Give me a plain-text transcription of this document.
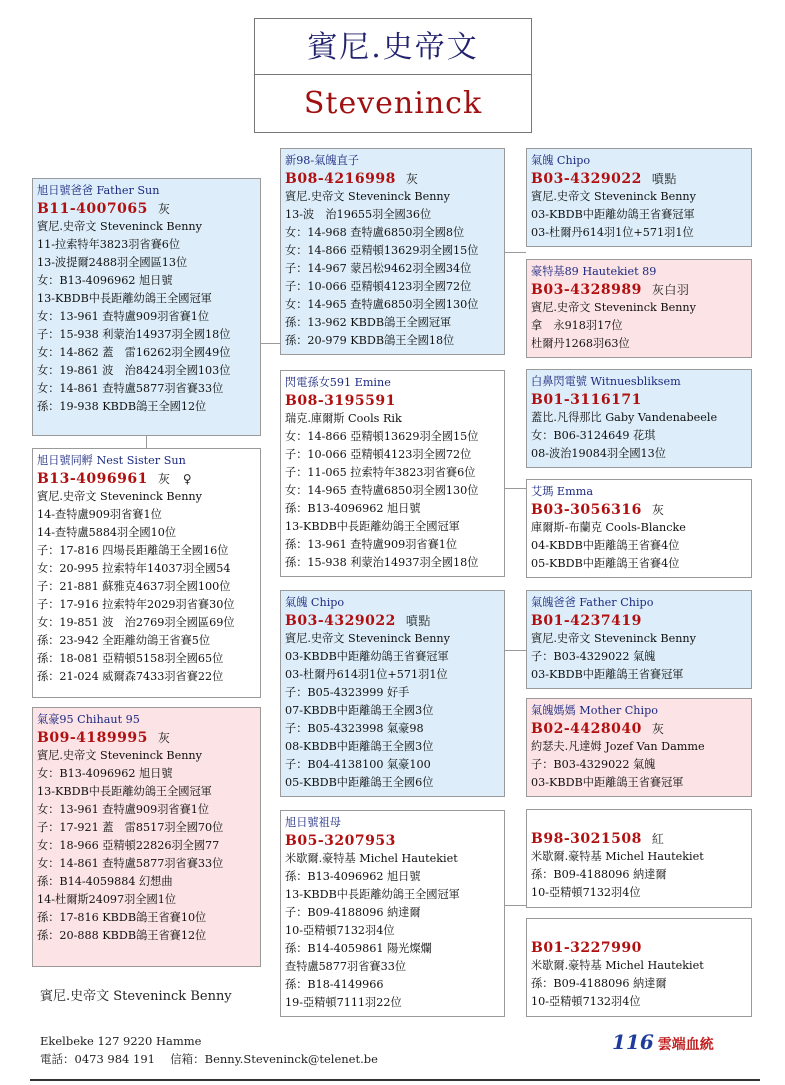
賓尼.史帝文
Steveninck
旭日號爸爸 Father Sun
B11-4007065 灰
賓尼.史帝文 Steveninck Benny
11-拉索特年3823羽省賽6位
13-波提爾2488羽全國區13位
女：B13-4096962 旭日號
13-KBDB中長距離幼鴿王全國冠軍
女：13-961 查特盧909羽省賽1位
子：15-938 利蒙治14937羽全國18位
女：14-862 蓋　雷16262羽全國49位
女：19-861 波　治8424羽全國103位
女：14-861 查特盧5877羽省賽33位
孫：19-938 KBDB鴿王全國12位
旭日號同孵 Nest Sister Sun
B13-4096961 灰　♀
賓尼.史帝文 Steveninck Benny
14-查特盧909羽省賽1位
14-查特盧5884羽全國10位
子：17-816 四場長距離鴿王全國16位
女：20-995 拉索特年14037羽全國54
子：21-881 蘇雅克4637羽全國100位
子：17-916 拉索特年2029羽省賽30位
女：19-851 波　治2769羽全國區69位
孫：23-942 全距離幼鴿王省賽5位
孫：18-081 亞精頓5158羽全國65位
孫：21-024 威爾森7433羽省賽22位
氣豪95 Chihaut 95
B09-4189995 灰
賓尼.史帝文 Steveninck Benny
女：B13-4096962 旭日號
13-KBDB中長距離幼鴿王全國冠軍
女：13-961 查特盧909羽省賽1位
子：17-921 蓋　雷8517羽全國70位
女：18-966 亞精頓22826羽全國77
女：14-861 查特盧5877羽省賽33位
孫：B14-4059884 幻想曲
14-杜爾斯24097羽全國1位
孫：17-816 KBDB鴿王省賽10位
孫：20-888 KBDB鴿王省賽12位
新98-氣魄直子
B08-4216998 灰
賓尼.史帝文 Steveninck Benny
13-波　治19655羽全國36位
女：14-968 查特盧6850羽全國8位
女：14-866 亞精頓13629羽全國15位
子：14-967 蒙呂松9462羽全國34位
子：10-066 亞精頓4123羽全國72位
女：14-965 查特盧6850羽全國130位
孫：13-962 KBDB鴿王全國冠軍
孫：20-979 KBDB鴿王全國18位
閃電孫女591 Emine
B08-3195591
瑞克.庫爾斯 Cools Rik
女：14-866 亞精頓13629羽全國15位
子：10-066 亞精頓4123羽全國72位
子：11-065 拉索特年3823羽省賽6位
女：14-965 查特盧6850羽全國130位
孫：B13-4096962 旭日號
13-KBDB中長距離幼鴿王全國冠軍
孫：13-961 查特盧909羽省賽1位
孫：15-938 利蒙治14937羽全國18位
氣魄 Chipo
B03-4329022 噴點
賓尼.史帝文 Steveninck Benny
03-KBDB中距離幼鴿王省賽冠軍
03-杜爾丹614羽1位+571羽1位
子：B05-4323999 好手
07-KBDB中距離鴿王全國3位
子：B05-4323998 氣豪98
08-KBDB中距離鴿王全國3位
子：B04-4138100 氣豪100
05-KBDB中距離鴿王全國6位
旭日號祖母
B05-3207953
米歇爾.豪特基 Michel Hautekiet
孫：B13-4096962 旭日號
13-KBDB中長距離幼鴿王全國冠軍
子：B09-4188096 納達爾
10-亞精頓7132羽4位
孫：B14-4059861 陽光燦爛
查特盧5877羽省賽33位
孫：B18-4149966
19-亞精頓7111羽22位
氣魄 Chipo
B03-4329022 噴點
賓尼.史帝文 Steveninck Benny
03-KBDB中距離幼鴿王省賽冠軍
03-杜爾丹614羽1位+571羽1位
豪特基89 Hautekiet 89
B03-4328989 灰白羽
賓尼.史帝文 Steveninck Benny
拿　永918羽17位
杜爾丹1268羽63位
白鼻閃電號 Witnuesbliksem
B01-3116171
蓋比.凡得那比 Gaby Vandenabeele
女：B06-3124649 花琪
08-波治19084羽全國13位
艾瑪 Emma
B03-3056316 灰
庫爾斯-布蘭克 Cools-Blancke
04-KBDB中距離鴿王省賽4位
05-KBDB中距離鴿王省賽4位
氣魄爸爸 Father Chipo
B01-4237419
賓尼.史帝文 Steveninck Benny
子：B03-4329022 氣魄
03-KBDB中距離鴿王省賽冠軍
氣魄媽媽 Mother Chipo
B02-4428040 灰
約瑟夫.凡達姆 Jozef Van Damme
子：B03-4329022 氣魄
03-KBDB中距離鴿王省賽冠軍
B98-3021508 紅
米歇爾.豪特基 Michel Hautekiet
孫：B09-4188096 納達爾
10-亞精頓7132羽4位
B01-3227990
米歇爾.豪特基 Michel Hautekiet
孫：B09-4188096 納達爾
10-亞精頓7132羽4位
賓尼.史帝文 Steveninck Benny
Ekelbeke 127 9220 Hamme
電話：0473 984 191　 信箱：Benny.Steveninck@telenet.be
116 雲端血統
